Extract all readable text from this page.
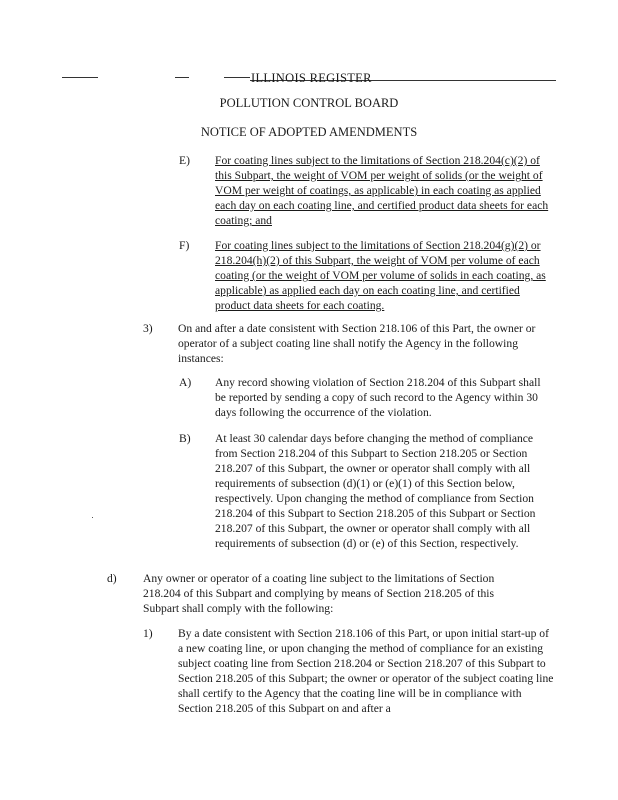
ILLINOIS REGISTER
POLLUTION CONTROL BOARD
NOTICE OF ADOPTED AMENDMENTS
E) For coating lines subject to the limitations of Section 218.204(c)(2) of this Subpart, the weight of VOM per weight of solids (or the weight of VOM per weight of coatings, as applicable) in each coating as applied each day on each coating line, and certified product data sheets for each coating; and
F) For coating lines subject to the limitations of Section 218.204(g)(2) or 218.204(h)(2) of this Subpart, the weight of VOM per volume of each coating (or the weight of VOM per volume of solids in each coating, as applicable) as applied each day on each coating line, and certified product data sheets for each coating.
3) On and after a date consistent with Section 218.106 of this Part, the owner or operator of a subject coating line shall notify the Agency in the following instances:
A) Any record showing violation of Section 218.204 of this Subpart shall be reported by sending a copy of such record to the Agency within 30 days following the occurrence of the violation.
B) At least 30 calendar days before changing the method of compliance from Section 218.204 of this Subpart to Section 218.205 or Section 218.207 of this Subpart, the owner or operator shall comply with all requirements of subsection (d)(1) or (e)(1) of this Section below, respectively. Upon changing the method of compliance from Section 218.204 of this Subpart to Section 218.205 of this Subpart or Section 218.207 of this Subpart, the owner or operator shall comply with all requirements of subsection (d) or (e) of this Section, respectively.
d) Any owner or operator of a coating line subject to the limitations of Section 218.204 of this Subpart and complying by means of Section 218.205 of this Subpart shall comply with the following:
1) By a date consistent with Section 218.106 of this Part, or upon initial start-up of a new coating line, or upon changing the method of compliance for an existing subject coating line from Section 218.204 or Section 218.207 of this Subpart to Section 218.205 of this Subpart; the owner or operator of the subject coating line shall certify to the Agency that the coating line will be in compliance with Section 218.205 of this Subpart on and after a
